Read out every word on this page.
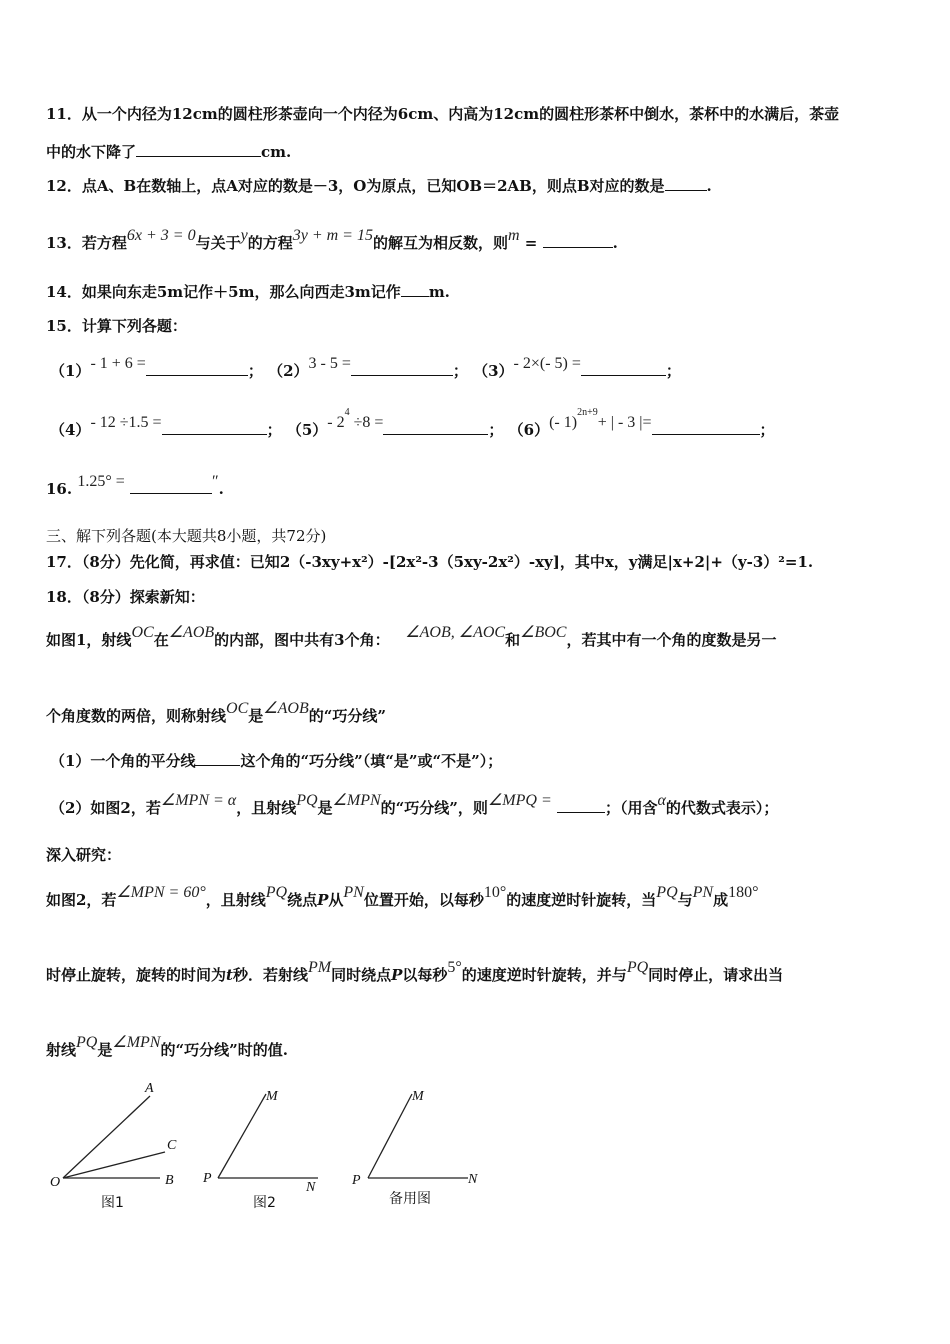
11．从一个内径为12cm的圆柱形茶壶向一个内径为6cm、内高为12cm的圆柱形茶杯中倒水，茶杯中的水满后，茶壶
中的水下降了	cm.
12．点A、B在数轴上，点A对应的数是－3，O为原点，已知OB＝2AB，则点B对应的数是	.
13．若方程6x + 3 = 0与关于y的方程3y + m = 15的解互为相反数，则m =	.
14．如果向东走5m记作＋5m，那么向西走3m记作 m.
15．计算下列各题：
（1）- 1 + 6 =	； （2）3 - 5 =	； （3）- 2×(- 5) =	；
（4）- 12 ÷1.5 =	； （5）- $2^4 \div 8$ =	； （6）(- 1)$^{2n+9}$+ | - 3 |=	；
16. 1.25° =	″.
三、解下列各题(本大题共8小题，共72分)
17．（8分）先化简，再求值：已知2（-3xy+x²）-[2x²-3（5xy-2x²）-xy]，其中x，y满足|x+2|+（y-3）²=1.
18．（8分）探索新知：
如图1，射线OC在∠AOB的内部，图中共有3个角： ∠AOB, ∠AOC和∠BOC，若其中有一个角的度数是另一
个角度数的两倍，则称射线OC是∠AOB的“巧分线”
（1）一个角的平分线	这个角的“巧分线”（填“是”或“不是”）；
（2）如图2，若∠MPN = α，且射线PQ是∠MPN的“巧分线”，则∠MPQ =	；（用含α的代数式表示）；
深入研究：
如图2，若∠MPN = 60°，且射线PQ绕点P从PN位置开始，以每秒10°的速度逆时针旋转，当PQ与PN成180°
时停止旋转，旋转的时间为t秒．若射线PM同时绕点P以每秒5°的速度逆时针旋转，并与PQ同时停止，请求出当
射线PQ是∠MPN的“巧分线”时的值.
A
C
O	B
图1
M
P
N
图2
M
P	N
备用图
